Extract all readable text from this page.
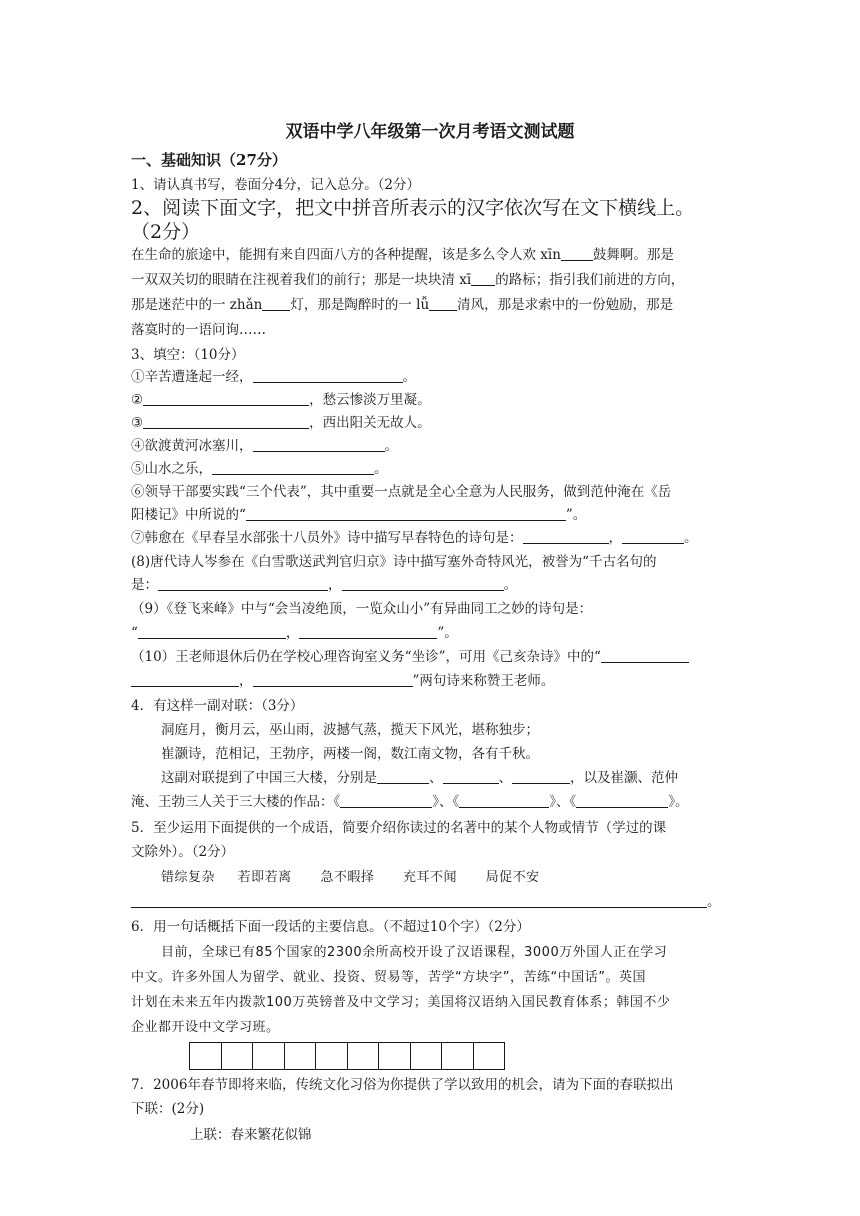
双语中学八年级第一次月考语文测试题
一、基础知识（27分）
1、请认真书写，卷面分4分，记入总分。（2分）
2、阅读下面文字，把文中拼音所表示的汉字依次写在文下横线上。
（2分）
在生命的旅途中，能拥有来自四面八方的各种提醒，该是多么令人欢 xīn 鼓舞啊。那是
一双双关切的眼睛在注视着我们的前行；那是一块块清 xī 的路标；指引我们前进的方向，
那是迷茫中的一 zhǎn 灯，那是陶醉时的一 lǚ 清风，那是求索中的一份勉励，那是
落寞时的一语问询……
3、填空：（10分）
①辛苦遭逢起一经，	。
②	，愁云惨淡万里凝。
③	，西出阳关无故人。
④欲渡黄河冰塞川，	。
⑤山水之乐，	。
⑥领导干部要实践“三个代表”，其中重要一点就是全心全意为人民服务，做到范仲淹在《岳
阳楼记》中所说的“	”。
⑦韩愈在《早春呈水部张十八员外》诗中描写早春特色的诗句是：	，	。
(8)唐代诗人岑参在《白雪歌送武判官归京》诗中描写塞外奇特风光，被誉为“千古名句的
是：	，	。
（9）《登飞来峰》中与“会当凌绝顶，一览众山小”有异曲同工之妙的诗句是：
“	，	”。
（10）王老师退休后仍在学校心理咨询室义务“坐诊”，可用《己亥杂诗》中的“
，	”两句诗来称赞王老师。
4．有这样一副对联：（3分）
洞庭月，衡月云，巫山雨，波撼气蒸，揽天下风光，堪称独步；
崔灏诗，范相记，王勃序，两楼一阁，数江南文物，各有千秋。
这副对联提到了中国三大楼，分别是	、	、	，以及崔灏、范仲
淹、王勃三人关于三大楼的作品：《	》、《	》、《	》。
5．至少运用下面提供的一个成语，简要介绍你读过的名著中的某个人物或情节（学过的课
文除外）。（2分）
错综复杂 若即若离 急不暇择 充耳不闻 局促不安
。
6．用一句话概括下面一段话的主要信息。（不超过10个字）（2分）
目前，全球已有85个国家的2300余所高校开设了汉语课程，3000万外国人正在学习
中文。许多外国人为留学、就业、投资、贸易等，苦学“方块字”，苦练“中国话”。英国
计划在未来五年内拨款100万英镑普及中文学习；美国将汉语纳入国民教育体系；韩国不少
企业都开设中文学习班。
7．2006年春节即将来临，传统文化习俗为你提供了学以致用的机会，请为下面的春联拟出
下联：(2分)
上联：春来繁花似锦
